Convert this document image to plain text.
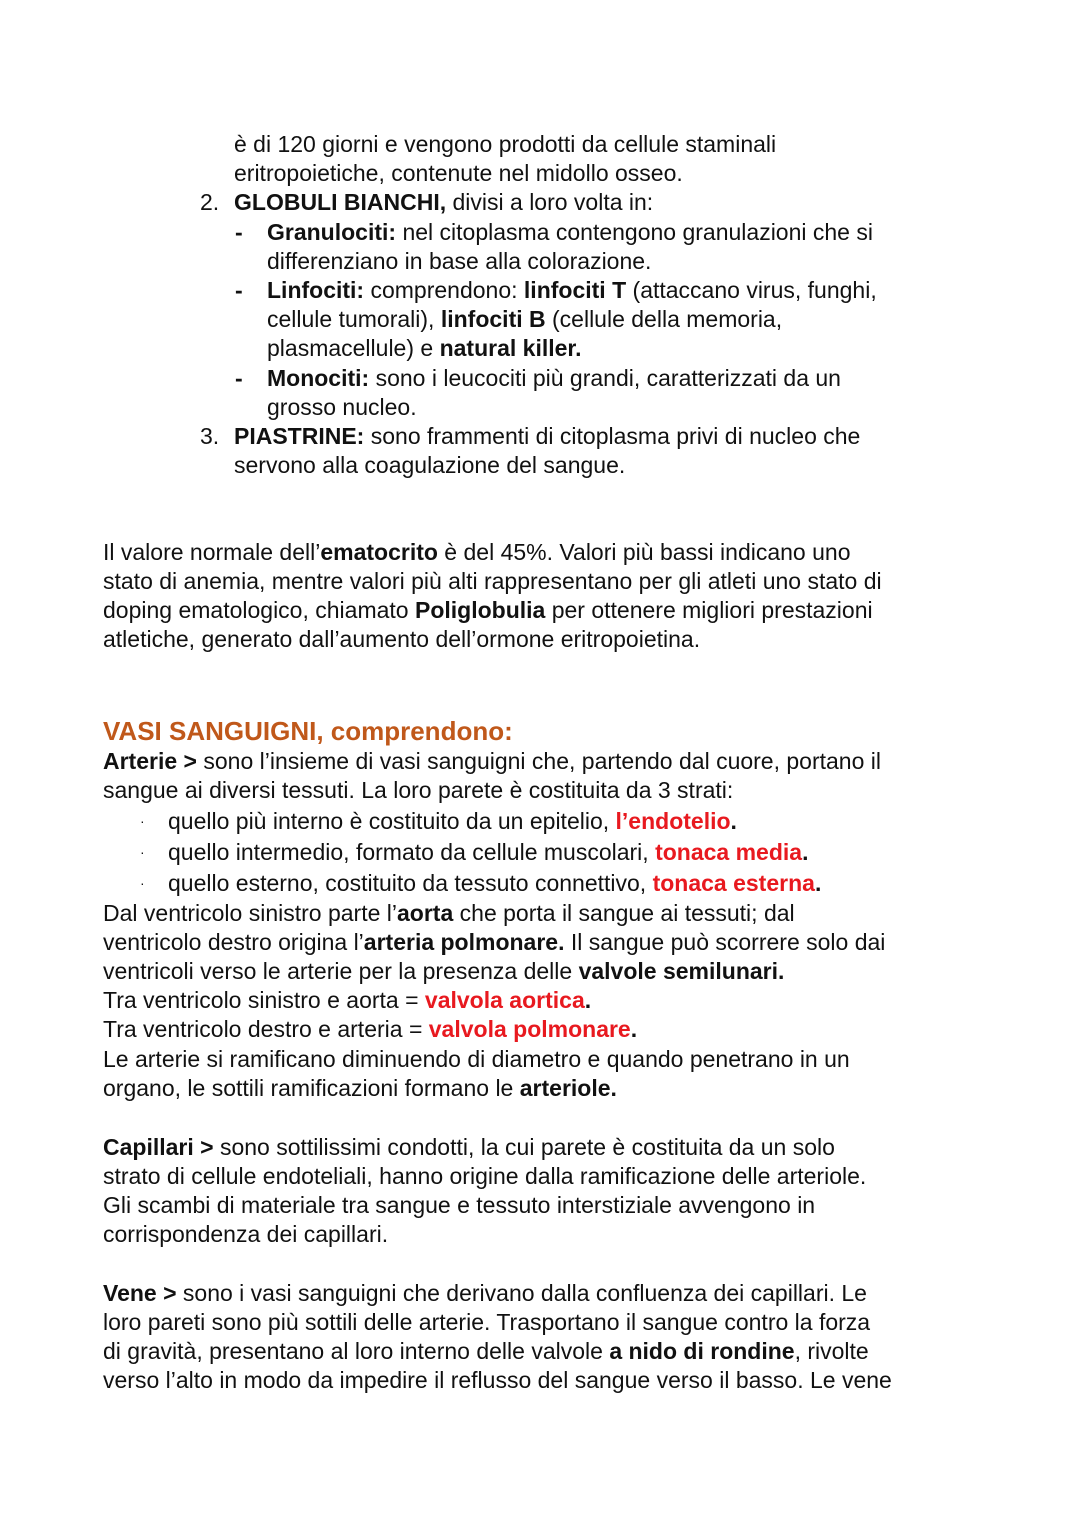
è di 120 giorni e vengono prodotti da cellule staminali
eritropoietiche, contenute nel midollo osseo.
2. GLOBULI BIANCHI, divisi a loro volta in:
- Granulociti: nel citoplasma contengono granulazioni che si
differenziano in base alla colorazione.
- Linfociti: comprendono: linfociti T (attaccano virus, funghi,
cellule tumorali), linfociti B (cellule della memoria,
plasmacellule) e natural killer.
- Monociti: sono i leucociti più grandi, caratterizzati da un
grosso nucleo.
3. PIASTRINE: sono frammenti di citoplasma privi di nucleo che
servono alla coagulazione del sangue.
Il valore normale dell’ematocrito è del 45%. Valori più bassi indicano uno
stato di anemia, mentre valori più alti rappresentano per gli atleti uno stato di
doping ematologico, chiamato Poliglobulia per ottenere migliori prestazioni
atletiche, generato dall’aumento dell’ormone eritropoietina.
VASI SANGUIGNI, comprendono:
Arterie > sono l’insieme di vasi sanguigni che, partendo dal cuore, portano il
sangue ai diversi tessuti. La loro parete è costituita da 3 strati:
· quello più interno è costituito da un epitelio, l’endotelio.
· quello intermedio, formato da cellule muscolari, tonaca media.
· quello esterno, costituito da tessuto connettivo, tonaca esterna.
Dal ventricolo sinistro parte l’aorta che porta il sangue ai tessuti; dal
ventricolo destro origina l’arteria polmonare. Il sangue può scorrere solo dai
ventricoli verso le arterie per la presenza delle valvole semilunari.
Tra ventricolo sinistro e aorta = valvola aortica.
Tra ventricolo destro e arteria = valvola polmonare.
Le arterie si ramificano diminuendo di diametro e quando penetrano in un
organo, le sottili ramificazioni formano le arteriole.
Capillari > sono sottilissimi condotti, la cui parete è costituita da un solo
strato di cellule endoteliali, hanno origine dalla ramificazione delle arteriole.
Gli scambi di materiale tra sangue e tessuto interstiziale avvengono in
corrispondenza dei capillari.
Vene > sono i vasi sanguigni che derivano dalla confluenza dei capillari. Le
loro pareti sono più sottili delle arterie. Trasportano il sangue contro la forza
di gravità, presentano al loro interno delle valvole a nido di rondine, rivolte
verso l’alto in modo da impedire il reflusso del sangue verso il basso. Le vene
